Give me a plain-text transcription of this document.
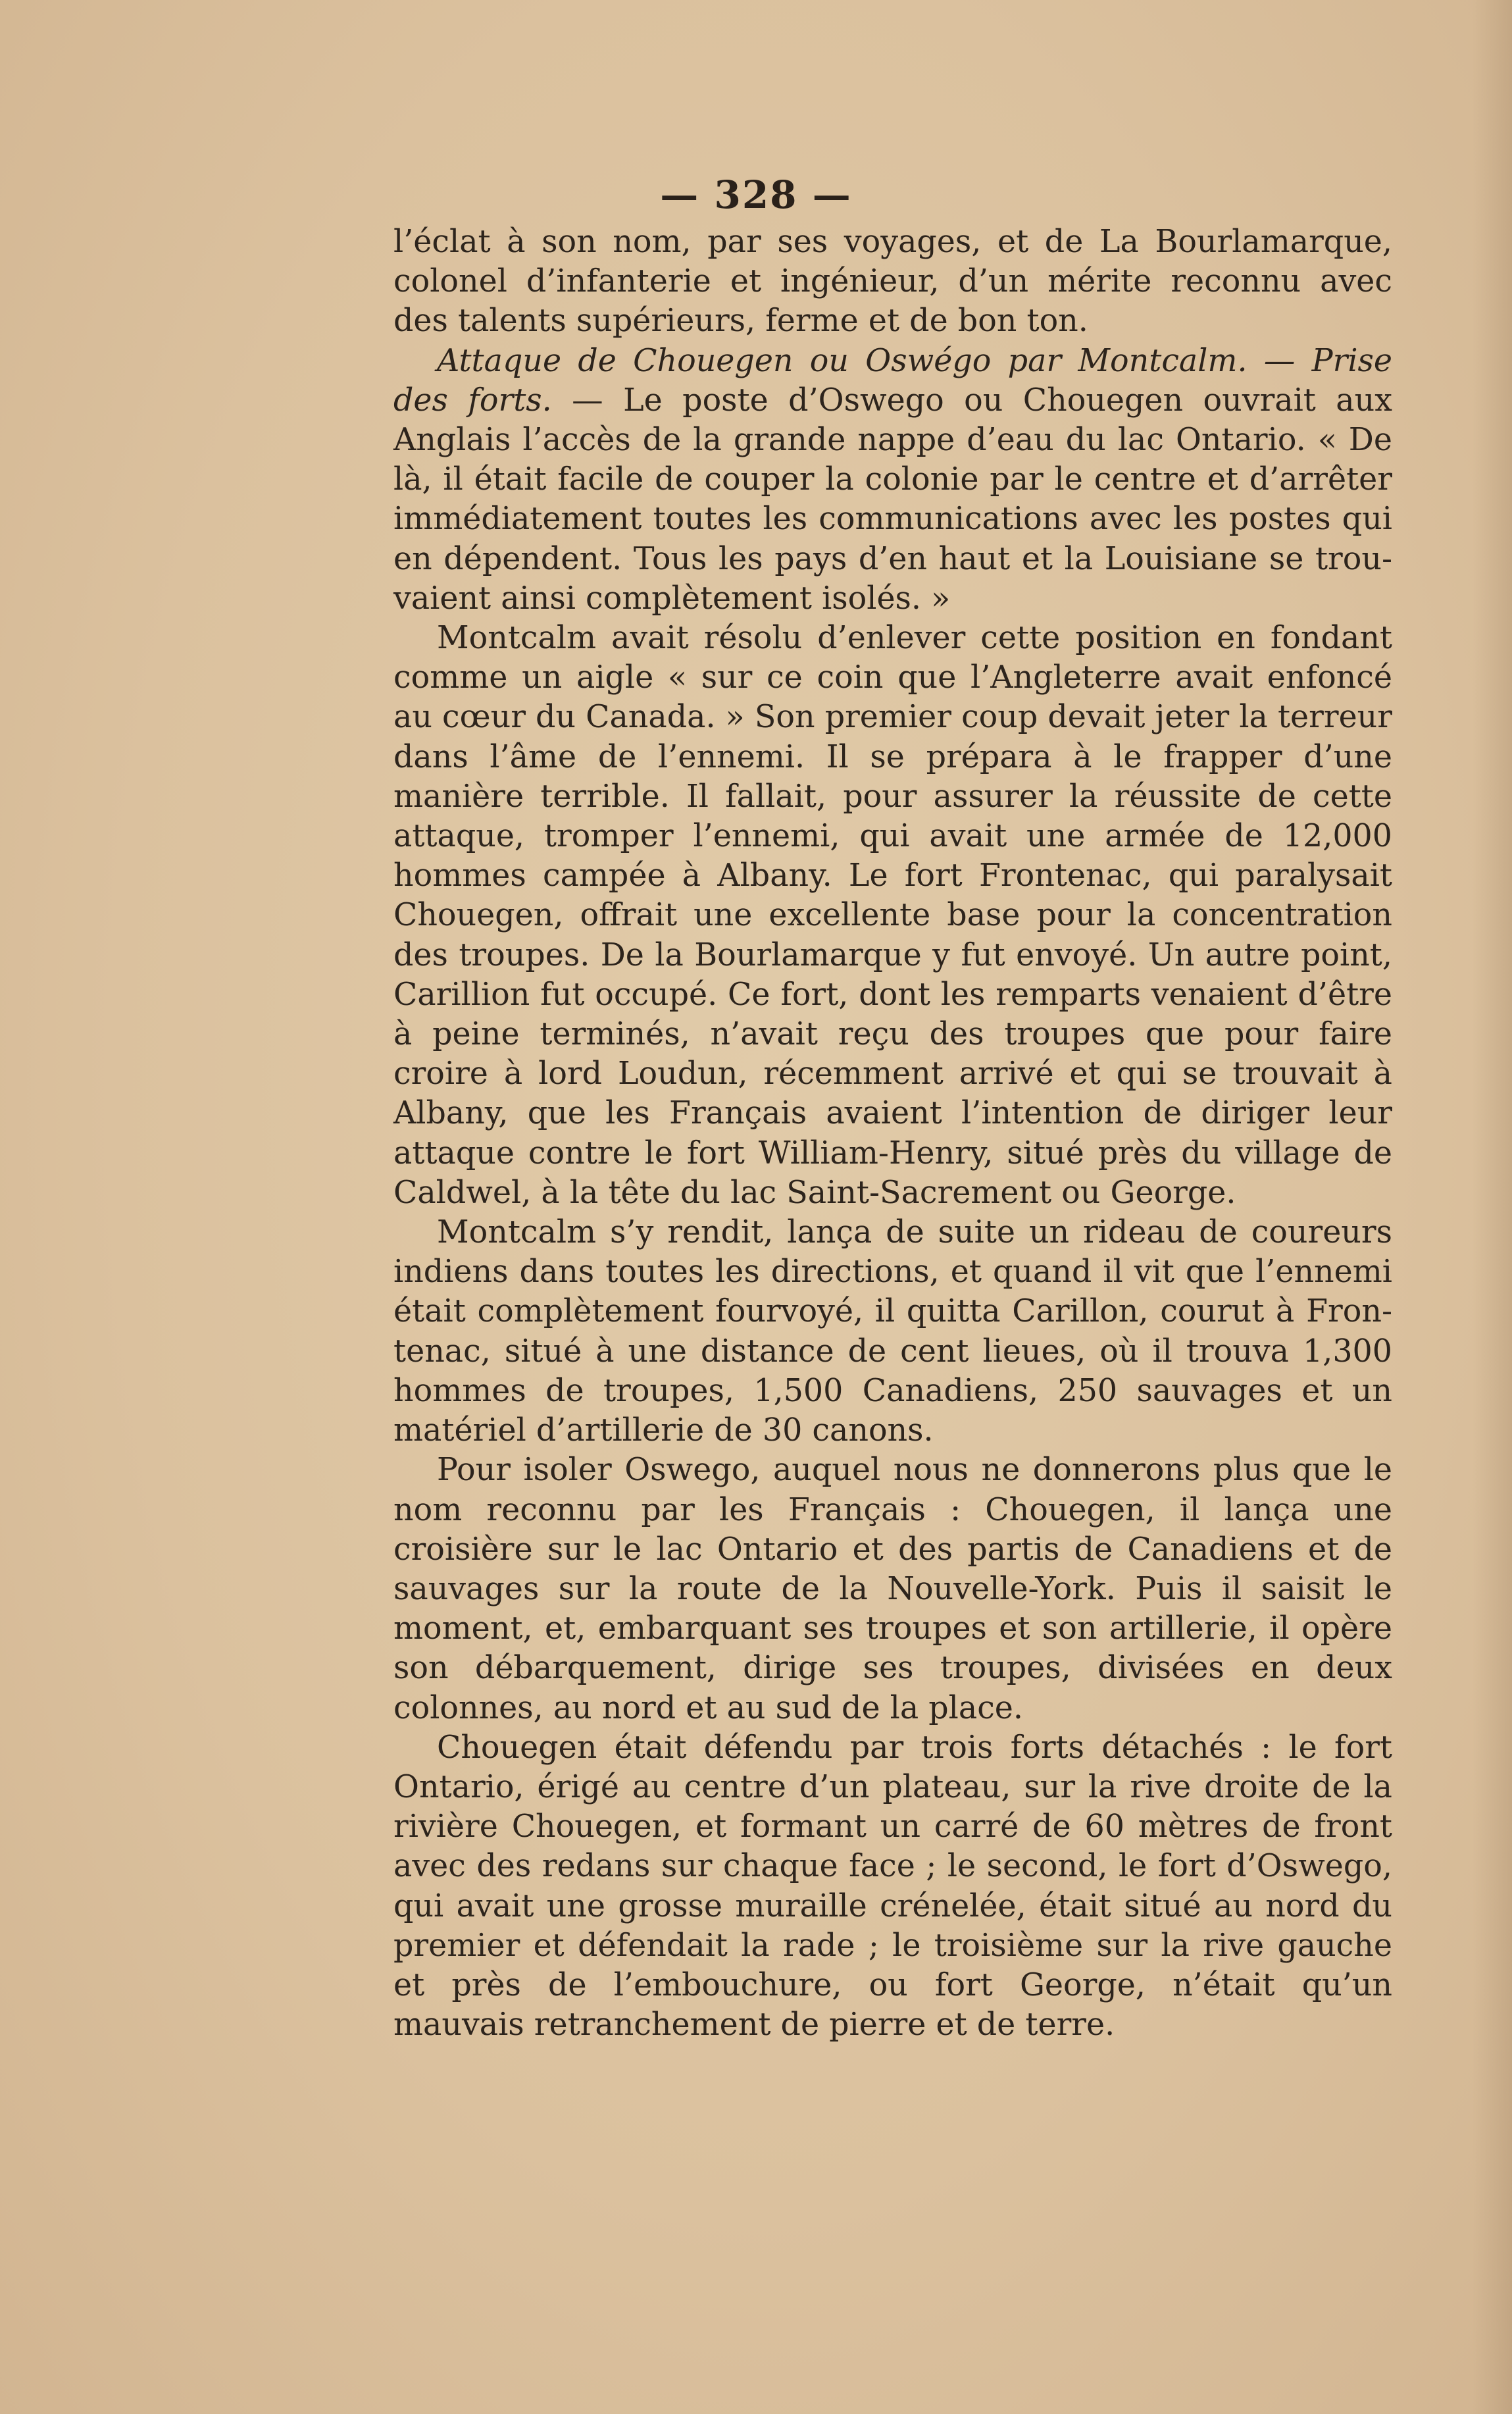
— 328 —

l’éclat à son nom, par ses voyages, et de La Bourlamarque, colonel d’infanterie et ingénieur, d’un mérite reconnu avec des talents supérieurs, ferme et de bon ton.

Attaque de Chouegen ou Oswégo par Montcalm. — Prise des forts. — Le poste d’Oswego ou Chouegen ouvrait aux Anglais l’accès de la grande nappe d’eau du lac Ontario. « De là, il était facile de couper la colonie par le centre et d’arrêter immédiatement toutes les communications avec les postes qui en dépendent. Tous les pays d’en haut et la Louisiane se trouvaient ainsi complètement isolés. »

Montcalm avait résolu d’enlever cette position en fondant comme un aigle « sur ce coin que l’Angleterre avait enfoncé au cœur du Canada. » Son premier coup devait jeter la terreur dans l’âme de l’ennemi. Il se prépara à le frapper d’une manière terrible. Il fallait, pour assurer la réussite de cette attaque, tromper l’ennemi, qui avait une armée de 12,000 hommes campée à Albany. Le fort Frontenac, qui paralysait Chouegen, offrait une excellente base pour la concentration des troupes. De la Bourlamarque y fut envoyé. Un autre point, Carillion fut occupé. Ce fort, dont les remparts venaient d’être à peine terminés, n’avait reçu des troupes que pour faire croire à lord Loudun, récemment arrivé et qui se trouvait à Albany, que les Français avaient l’intention de diriger leur attaque contre le fort William-Henry, situé près du village de Caldwel, à la tête du lac Saint-Sacrement ou George.

Montcalm s’y rendit, lança de suite un rideau de coureurs indiens dans toutes les directions, et quand il vit que l’ennemi était complètement fourvoyé, il quitta Carillon, courut à Frontenac, situé à une distance de cent lieues, où il trouva 1,300 hommes de troupes, 1,500 Canadiens, 250 sauvages et un matériel d’artillerie de 30 canons.

Pour isoler Oswego, auquel nous ne donnerons plus que le nom reconnu par les Français : Chouegen, il lança une croisière sur le lac Ontario et des partis de Canadiens et de sauvages sur la route de la Nouvelle-York. Puis il saisit le moment, et, embarquant ses troupes et son artillerie, il opère son débarquement, dirige ses troupes, divisées en deux colonnes, au nord et au sud de la place.

Chouegen était défendu par trois forts détachés : le fort Ontario, érigé au centre d’un plateau, sur la rive droite de la rivière Chouegen, et formant un carré de 60 mètres de front avec des redans sur chaque face ; le second, le fort d’Oswego, qui avait une grosse muraille crénelée, était situé au nord du premier et défendait la rade ; le troisième sur la rive gauche et près de l’embouchure, ou fort George, n’était qu’un mauvais retranchement de pierre et de terre.
